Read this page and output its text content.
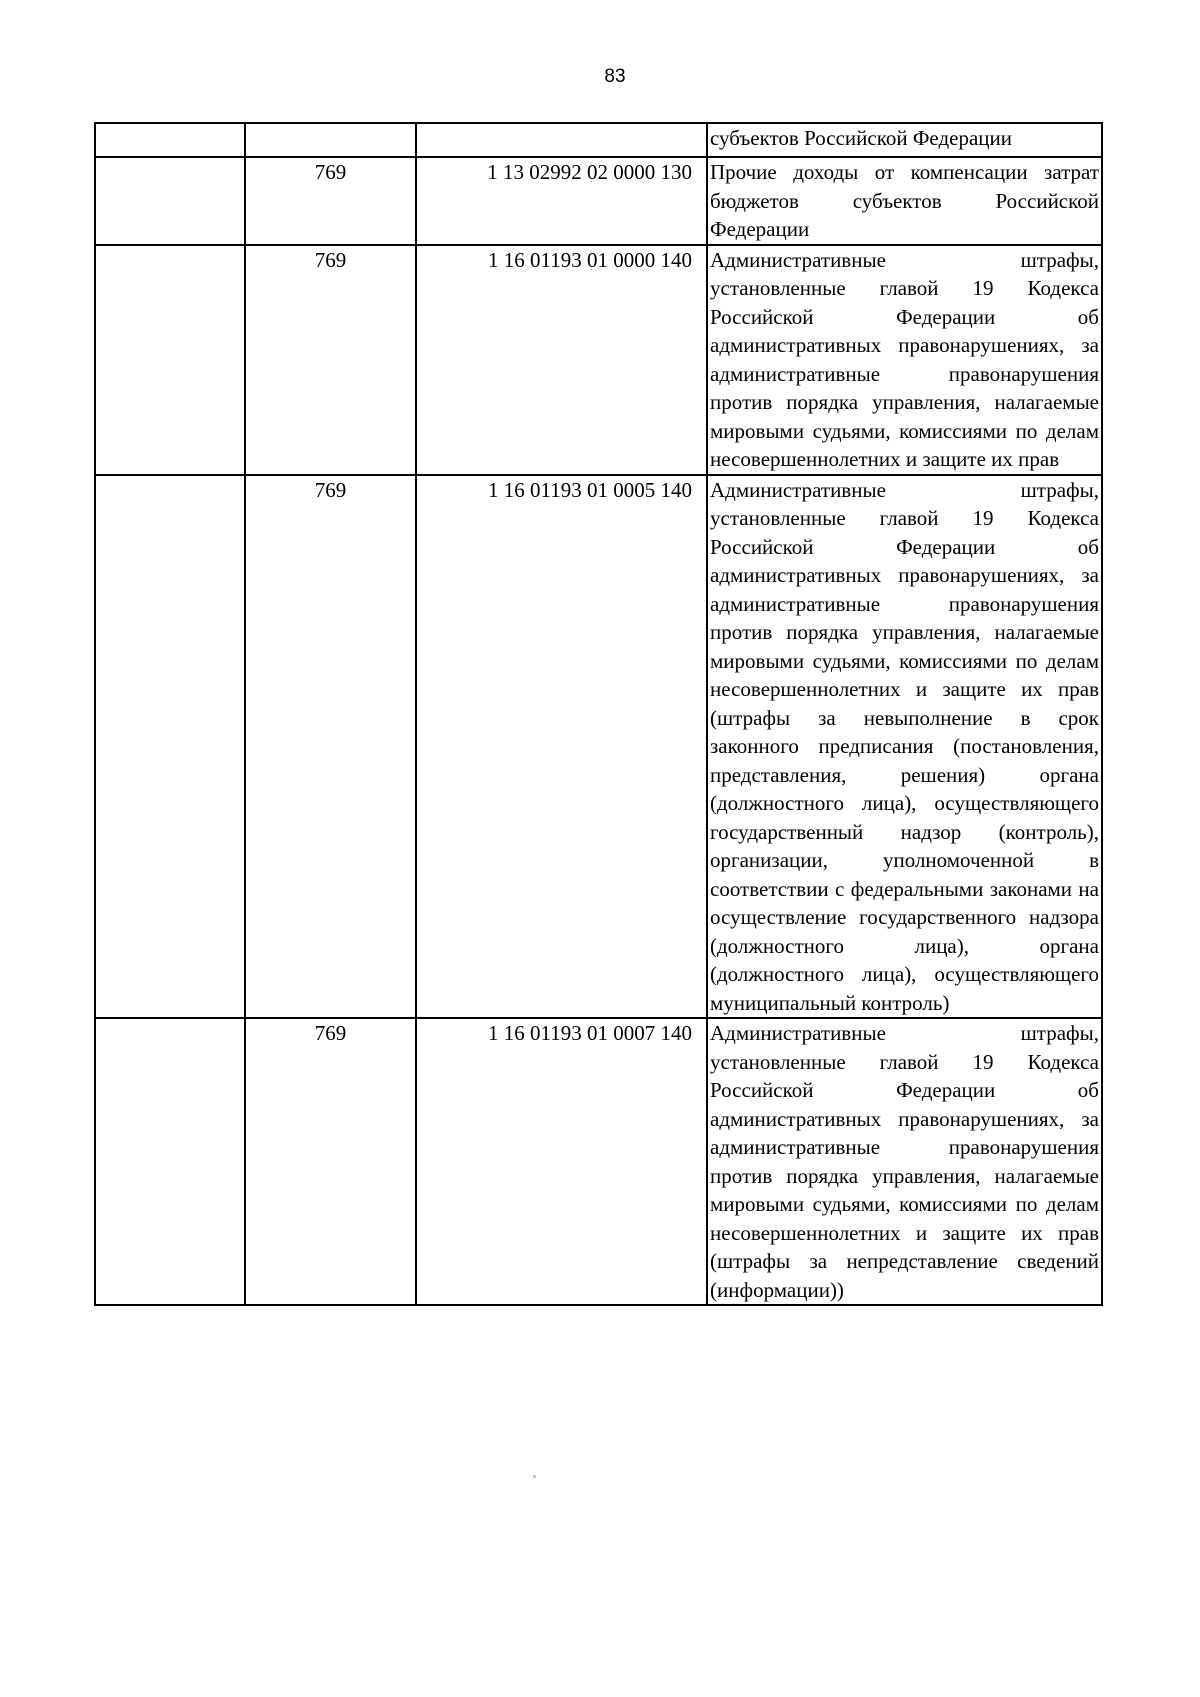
83
			субъектов Российской Федерации
	769	1 13 02992 02 0000 130	Прочие доходы от компенсации затрат бюджетов субъектов Российской Федерации
	769	1 16 01193 01 0000 140	Административные штрафы, установленные главой 19 Кодекса Российской Федерации об административных правонарушениях, за административные правонарушения против порядка управления, налагаемые мировыми судьями, комиссиями по делам несовершеннолетних и защите их прав
	769	1 16 01193 01 0005 140	Административные штрафы, установленные главой 19 Кодекса Российской Федерации об административных правонарушениях, за административные правонарушения против порядка управления, налагаемые мировыми судьями, комиссиями по делам несовершеннолетних и защите их прав (штрафы за невыполнение в срок законного предписания (постановления, представления, решения) органа (должностного лица), осуществляющего государственный надзор (контроль), организации, уполномоченной в соответствии с федеральными законами на осуществление государственного надзора (должностного лица), органа (должностного лица), осуществляющего муниципальный контроль)
	769	1 16 01193 01 0007 140	Административные штрафы, установленные главой 19 Кодекса Российской Федерации об административных правонарушениях, за административные правонарушения против порядка управления, налагаемые мировыми судьями, комиссиями по делам несовершеннолетних и защите их прав (штрафы за непредставление сведений (информации))
